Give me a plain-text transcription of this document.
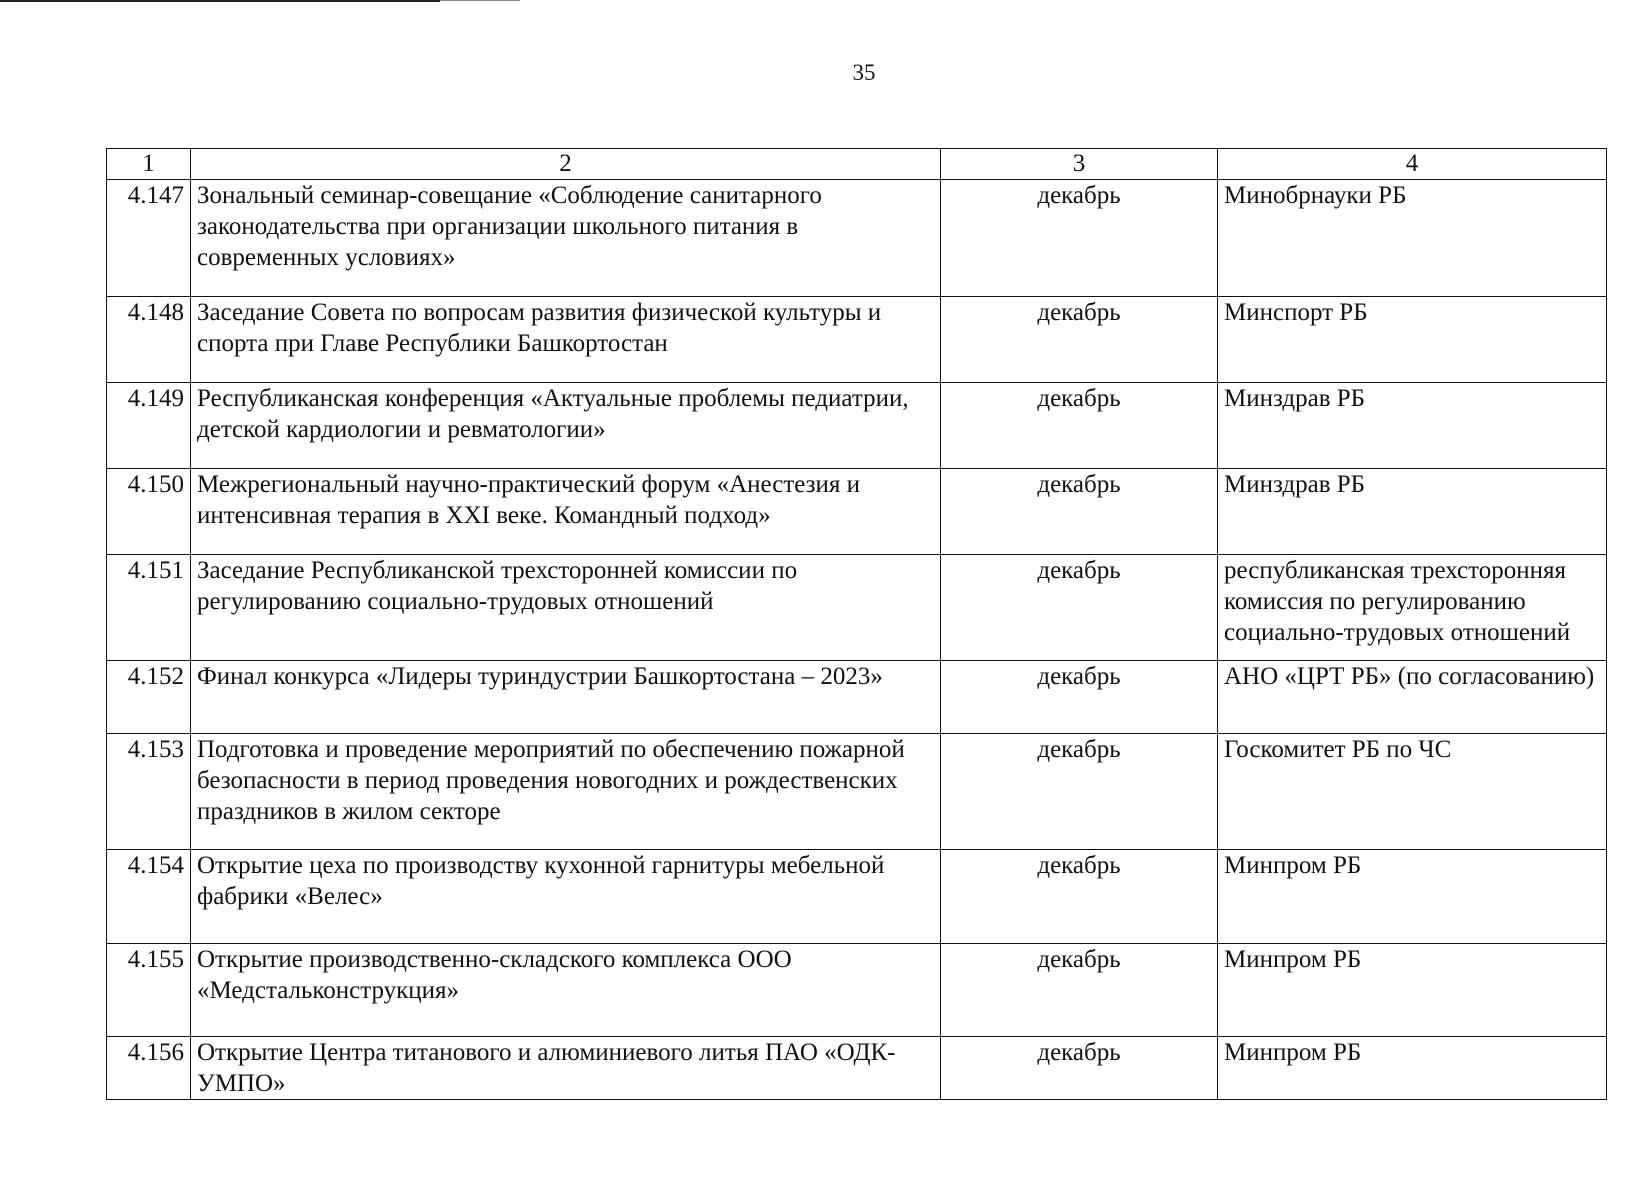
35
1	2	3	4
4.147	Зональный семинар-совещание «Соблюдение санитарного законодательства при организации школьного питания в современных условиях»	декабрь	Минобрнауки РБ
4.148	Заседание Совета по вопросам развития физической культуры и спорта при Главе Республики Башкортостан	декабрь	Минспорт РБ
4.149	Республиканская конференция «Актуальные проблемы педиатрии, детской кардиологии и ревматологии»	декабрь	Минздрав РБ
4.150	Межрегиональный научно-практический форум «Анестезия и интенсивная терапия в XXI веке. Командный подход»	декабрь	Минздрав РБ
4.151	Заседание Республиканской трехсторонней комиссии по регулированию социально-трудовых отношений	декабрь	республиканская трехсторонняя комиссия по регулированию социально-трудовых отношений
4.152	Финал конкурса «Лидеры туриндустрии Башкортостана – 2023»	декабрь	АНО «ЦРТ РБ» (по согласованию)
4.153	Подготовка и проведение мероприятий по обеспечению пожарной безопасности в период проведения новогодних и рождественских праздников в жилом секторе	декабрь	Госкомитет РБ по ЧС
4.154	Открытие цеха по производству кухонной гарнитуры мебельной фабрики «Велес»	декабрь	Минпром РБ
4.155	Открытие производственно-складского комплекса ООО «Медстальконструкция»	декабрь	Минпром РБ
4.156	Открытие Центра титанового и алюминиевого литья ПАО «ОДК-УМПО»	декабрь	Минпром РБ
